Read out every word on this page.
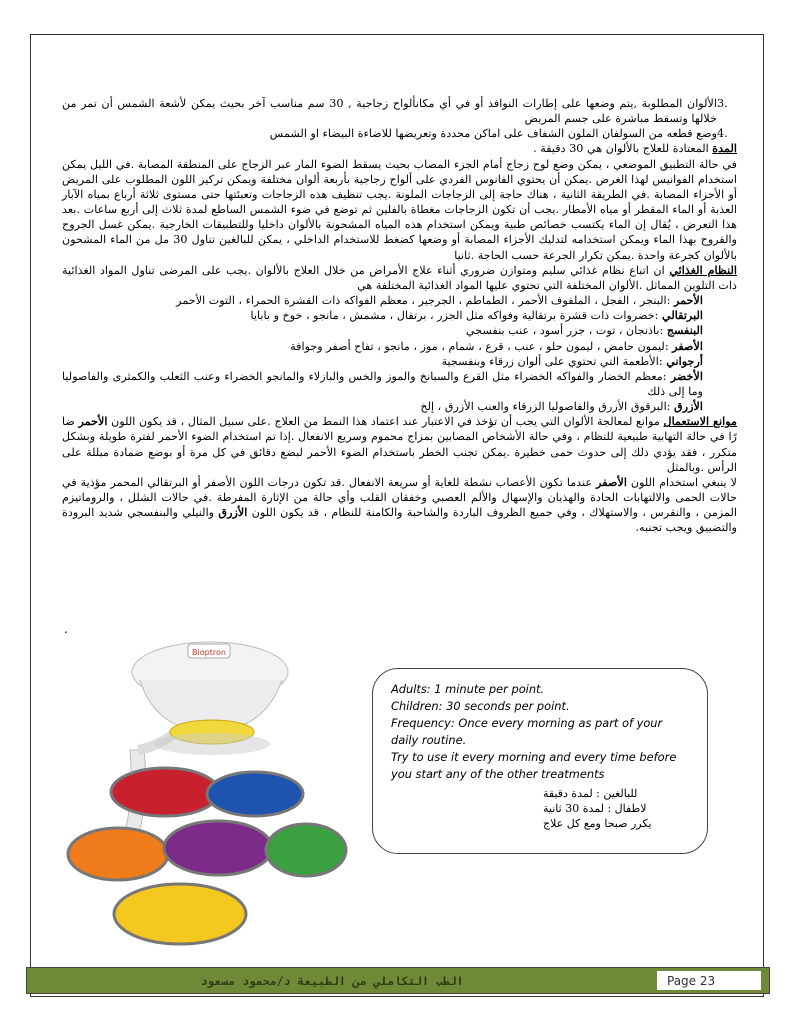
3.
الألوان المطلوبة ,يتم وضعها على إطارات النوافذ أو في أي مكانألواح زجاجية , 30 سم مناسب آخر بحيث يمكن لأشعة الشمس أن تمر من خلالها وتسقط مباشرة على جسم المريض
4.
وضع قطعه من السولفان الملون الشفاف على اماكن محددة وتعريضها للاضاءة البيضاء او الشمس

المدة المعتادة للعلاج بالألوان هي 30 دقيقة .

في حالة التطبيق الموضعي ، يمكن وضع لوح زجاج أمام الجزء المصاب بحيث يسقط الضوء المار عبر الزجاج على المنطقة المصابة .في الليل يمكن استخدام الفوانيس لهذا الغرض .يمكن أن يحتوي الفانوس الفردي على ألواح زجاجية بأربعة ألوان مختلفة ويمكن تركيز اللون المطلوب على المريض أو الأجزاء المصابة .في الطريقة الثانية ، هناك حاجة إلى الزجاجات الملونة .يجب تنظيف هذه الزجاجات وتعبئتها حتى مستوى ثلاثة أرباع بمياه الآبار العذبة أو الماء المقطر أو مياه الأمطار .يجب أن تكون الزجاجات مغطاة بالفلين ثم توضع في ضوء الشمس الساطع لمدة ثلاث إلى أربع ساعات .بعد هذا التعرض ، يُقال إن الماء يكتسب خصائص طبية ويمكن استخدام هذه المياه المشحونة بالألوان داخليا وللتطبيقات الخارجية .يمكن غسل الجروح والقروح بهذا الماء ويمكن استخدامه لتدليك الأجزاء المصابة أو وضعها كضغط للاستخدام الداخلي ، يمكن للبالغين تناول 30 مل من الماء المشحون بالألوان كجرعة واحدة .يمكن تكرار الجرعة حسب الحاجة .ثانيا

النظام الغذائي ان اتباع نظام غذائي سليم ومتوازن ضروري أثناء علاج الأمراض من خلال العلاج بالألوان .يجب على المرضى تناول المواد الغذائية ذات التلوين المماثل .الألوان المختلفة التي تحتوي عليها المواد الغذائية المختلفة هي

الأحمر :البنجر ، الفجل ، الملفوف الأحمر ، الطماطم ، الجرجير ، معظم الفواكه ذات القشرة الحمراء ، التوت الأحمر

البرتقالي :خضروات ذات قشرة برتقالية وفواكه مثل الجزر ، برتقال ، مشمش ، مانجو ، خوخ و بابايا

البنفسج :باذنجان ، توت ، جزر أسود ، عنب بنفسجي

الأصفر :ليمون حامض ، ليمون حلو ، عنب ، قرع ، شمام ، موز ، مانجو ، تفاح أصفر وجوافة

أرجواني :الأطعمة التي تحتوي على ألوان زرقاء وبنفسجية

الأخضر :معظم الخضار والفواكه الخضراء مثل القرع والسبانخ والموز والخس والبازلاء والمانجو الخضراء وعنب الثعلب والكمثرى والفاصوليا وما إلى ذلك

الأزرق :البرقوق الأزرق والفاصوليا الزرقاء والعنب الأزرق ، إلخ

موانع الاستعمال موانع لمعالجة الألوان التي يجب أن تؤخذ في الاعتبار عند اعتماد هذا النمط من العلاج .على سبيل المثال ، قد يكون اللون الأحمر ضا رًا في حالة التهابية طبيعية للنظام ، وفي حالة الأشخاص المصابين بمزاج محموم وسريع الانفعال .إذا تم استخدام الضوء الأحمر لفترة طويلة وبشكل متكرر ، فقد يؤدي ذلك إلى حدوث حمى خطيرة .يمكن تجنب الخطر باستخدام الضوء الأحمر لبضع دقائق في كل مرة أو بوضع ضمادة مبللة على الرأس .وبالمثل

لا ينبغي استخدام اللون الأصفر عندما تكون الأعصاب نشطة للغاية أو سريعة الانفعال .قد تكون درجات اللون الأصفر أو البرتقالي المحمر مؤذية في حالات الحمى والالتهابات الحادة والهذيان والإسهال والألم العصبي وخفقان القلب وأي حالة من الإثارة المفرطة .في حالات الشلل ، والروماتيزم المزمن ، والنقرس ، والاستهلاك ، وفي جميع الظروف الباردة والشاحبة والكامنة للنظام ، قد يكون اللون الأزرق والنيلي والبنفسجي شديد البرودة والتضييق ويجب تجنبه.

.
Bioptron
Adults: 1 minute per point.
Children: 30 seconds per point.
Frequency: Once every morning as part of your daily routine.
Try to use it every morning and every time before you start any of the other treatments
للبالغين : لمدة دقيقة
لاطفال : لمدة 30 ثانية
يكرر صبحا ومع كل علاج
الطب التكاملي من الطبيعة د/محمود مسعود	Page 23
